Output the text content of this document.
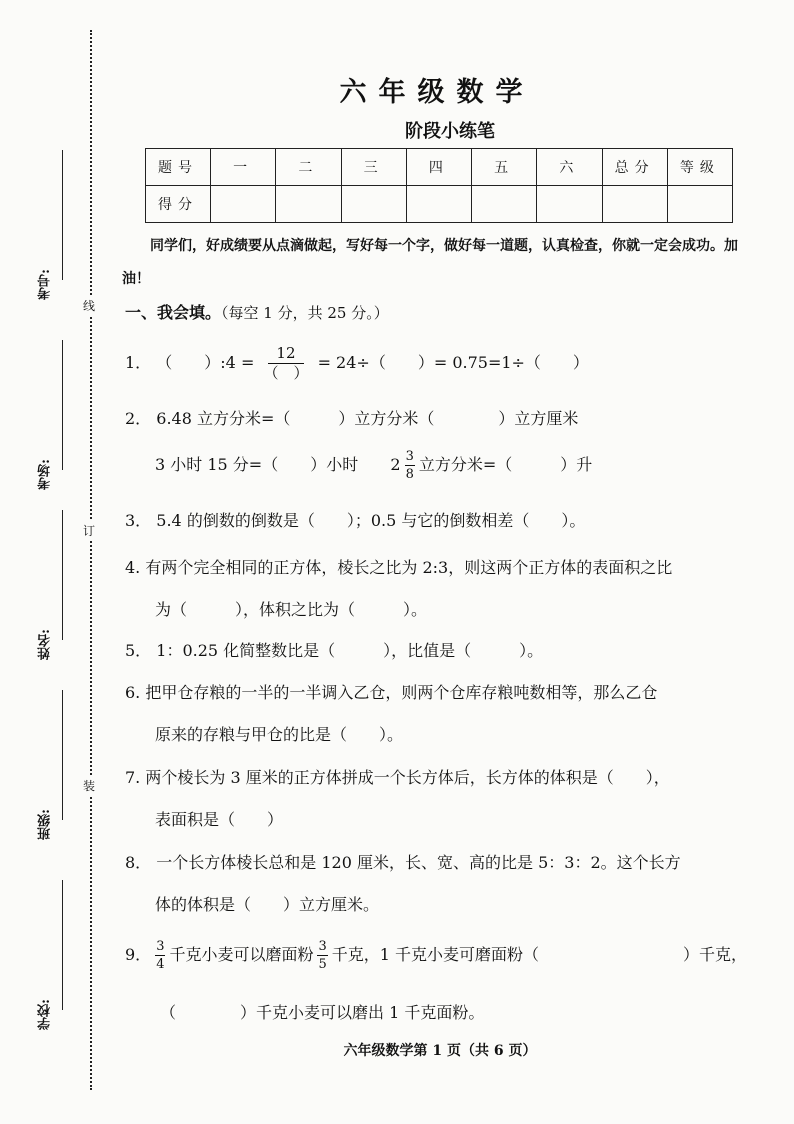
考号:
考场:
姓名:
班级:
学校:
线
订
装
六年级数学
阶段小练笔
题号	一	二	三	四	五	六	总分	等级
得分								
同学们，好成绩要从点滴做起，写好每一个字，做好每一道题，认真检查，你就一定会成功。加油！
一、我会填。（每空 1 分，共 25 分。）
1． （　　）:4 = $\frac{12}{( )} = 24\div$（　　）= 0.75=1÷（　　）
2． 6.48 立方分米=（　　　）立方分米（　　　　）立方厘米
3 小时 15 分=（　　）小时 $2 \frac{3}{8}$ 立方分米=（　　　）升
3． 5.4 的倒数的倒数是（　　）；0.5 与它的倒数相差（　　）。
4. 有两个完全相同的正方体，棱长之比为 2:3，则这两个正方体的表面积之比
为（　　　），体积之比为（　　　）。
5． 1：0.25 化简整数比是（　　　），比值是（　　　）。
6. 把甲仓存粮的一半的一半调入乙仓，则两个仓库存粮吨数相等，那么乙仓
原来的存粮与甲仓的比是（　　）。
7. 两个棱长为 3 厘米的正方体拼成一个长方体后，长方体的体积是（　　），
表面积是（　　）
8． 一个长方体棱长总和是 120 厘米，长、宽、高的比是 5：3：2。这个长方
体的体积是（　　）立方厘米。
9． $\frac{3}{4}$ 千克小麦可以磨面粉 $\frac{3}{5}$ 千克，1 千克小麦可磨面粉（　　　　　　　　　）千克，
（　　　　）千克小麦可以磨出 1 千克面粉。
六年级数学第 1 页（共 6 页）
